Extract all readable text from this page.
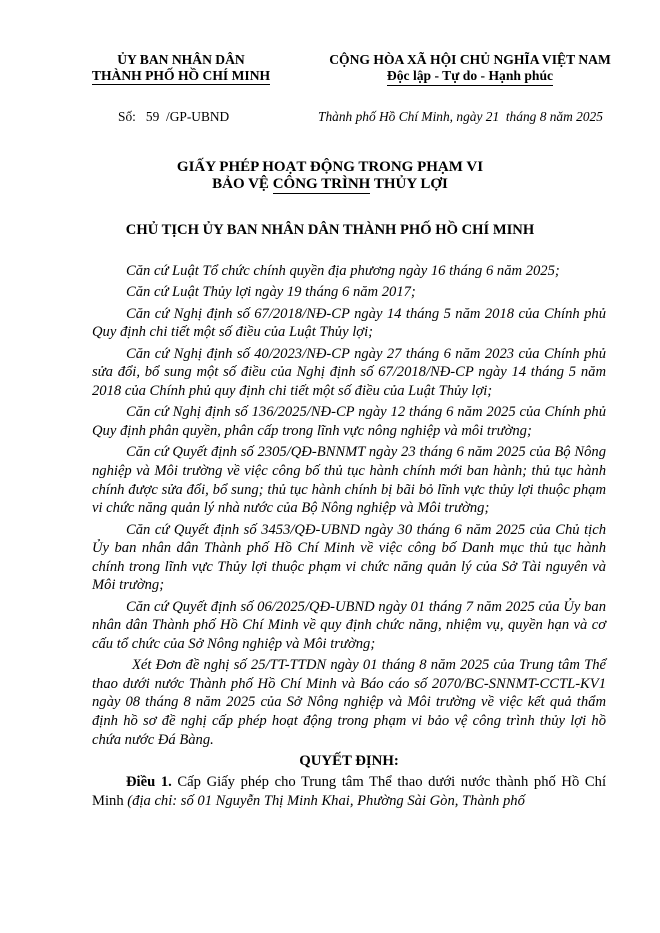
ỦY BAN NHÂN DÂN
THÀNH PHỐ HỒ CHÍ MINH
CỘNG HÒA XÃ HỘI CHỦ NGHĨA VIỆT NAM
Độc lập - Tự do - Hạnh phúc
Số:   59  /GP-UBND	Thành phố Hồ Chí Minh, ngày 21  tháng 8 năm 2025
GIẤY PHÉP HOẠT ĐỘNG TRONG PHẠM VI
BẢO VỆ CÔNG TRÌNH THỦY LỢI
CHỦ TỊCH ỦY BAN NHÂN DÂN THÀNH PHỐ HỒ CHÍ MINH

Căn cứ Luật Tổ chức chính quyền địa phương ngày 16 tháng 6 năm 2025;

Căn cứ Luật Thủy lợi ngày 19 tháng 6 năm 2017;

Căn cứ Nghị định số 67/2018/NĐ-CP ngày 14 tháng 5 năm 2018 của Chính phủ Quy định chi tiết một số điều của Luật Thủy lợi;

Căn cứ Nghị định số 40/2023/NĐ-CP ngày 27 tháng 6 năm 2023 của Chính phủ sửa đổi, bổ sung một số điều của Nghị định số 67/2018/NĐ-CP ngày 14 tháng 5 năm 2018 của Chính phủ quy định chi tiết một số điều của Luật Thủy lợi;

Căn cứ Nghị định số 136/2025/NĐ-CP ngày 12 tháng 6 năm 2025 của Chính phủ Quy định phân quyền, phân cấp trong lĩnh vực nông nghiệp và môi trường;

Căn cứ Quyết định số 2305/QĐ-BNNMT ngày 23 tháng 6 năm 2025 của Bộ Nông nghiệp và Môi trường về việc công bố thủ tục hành chính mới ban hành; thủ tục hành chính được sửa đổi, bổ sung; thủ tục hành chính bị bãi bỏ lĩnh vực thủy lợi thuộc phạm vi chức năng quản lý nhà nước của Bộ Nông nghiệp và Môi trường;

Căn cứ Quyết định số 3453/QĐ-UBND ngày 30 tháng 6 năm 2025 của Chủ tịch Ủy ban nhân dân Thành phố Hồ Chí Minh về việc công bố Danh mục thủ tục hành chính trong lĩnh vực Thủy lợi thuộc phạm vi chức năng quản lý của Sở Tài nguyên và Môi trường;

Căn cứ Quyết định số 06/2025/QĐ-UBND ngày 01 tháng 7 năm 2025 của Ủy ban nhân dân Thành phố Hồ Chí Minh về quy định chức năng, nhiệm vụ, quyền hạn và cơ cấu tổ chức của Sở Nông nghiệp và Môi trường;

Xét Đơn đề nghị số 25/TT-TTDN ngày 01 tháng 8 năm 2025 của Trung tâm Thể thao dưới nước Thành phố Hồ Chí Minh và Báo cáo số 2070/BC-SNNMT-CCTL-KV1 ngày 08 tháng 8 năm 2025 của Sở Nông nghiệp và Môi trường về việc kết quả thẩm định hồ sơ đề nghị cấp phép hoạt động trong phạm vi bảo vệ công trình thủy lợi hồ chứa nước Đá Bàng.

QUYẾT ĐỊNH:

Điều 1. Cấp Giấy phép cho Trung tâm Thể thao dưới nước thành phố Hồ Chí Minh (địa chỉ: số 01 Nguyễn Thị Minh Khai, Phường Sài Gòn, Thành phố
